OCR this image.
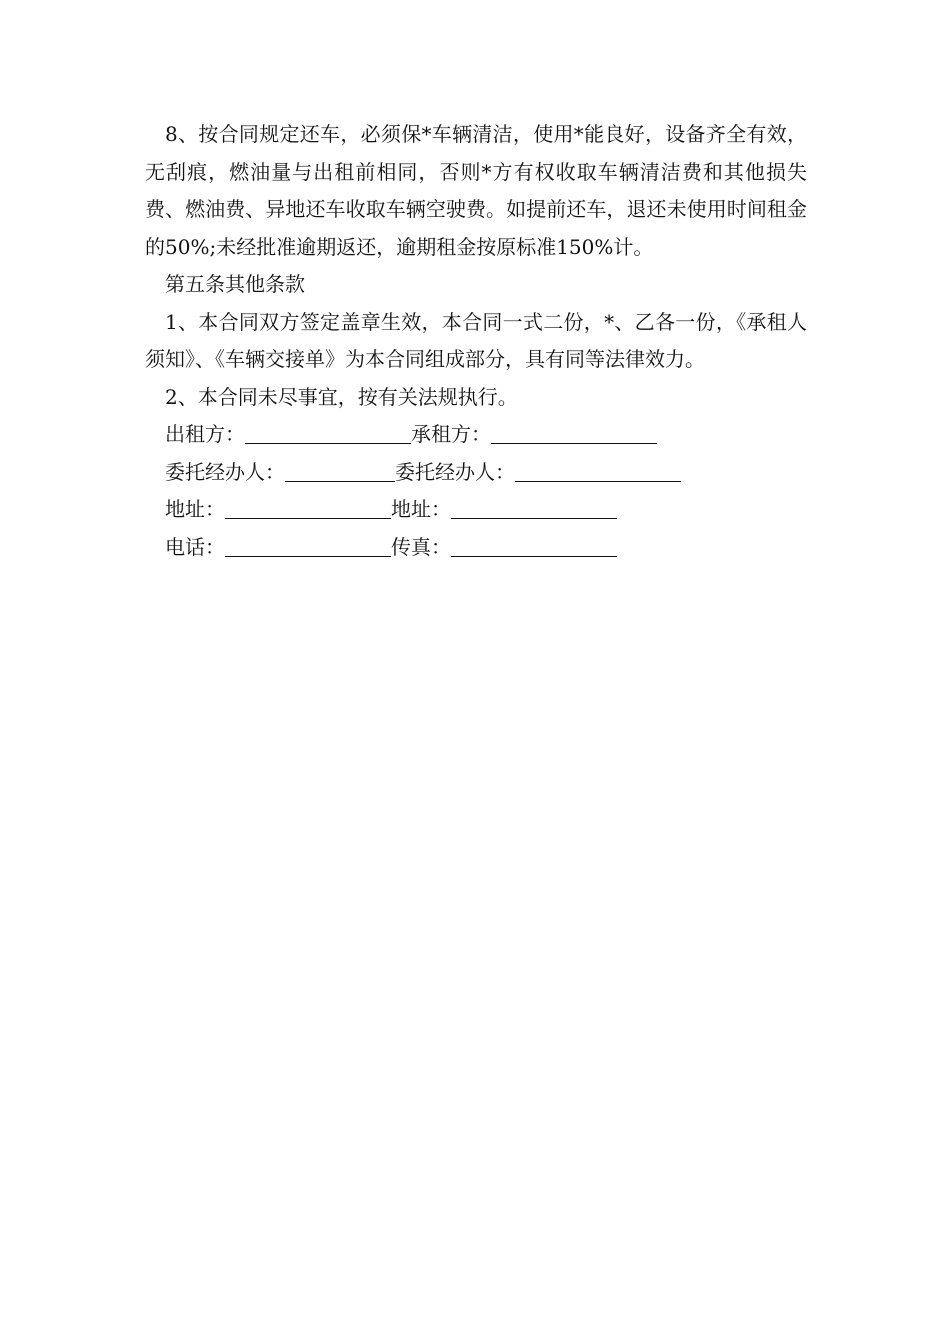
8、按合同规定还车，必须保*车辆清洁，使用*能良好，设备齐全有效，无刮痕，燃油量与出租前相同，否则*方有权收取车辆清洁费和其他损失费、燃油费、异地还车收取车辆空驶费。如提前还车，退还未使用时间租金的50%;未经批准逾期返还，逾期租金按原标准150%计。

第五条其他条款

1、本合同双方签定盖章生效，本合同一式二份，*、乙各一份，《承租人须知》、《车辆交接单》为本合同组成部分，具有同等法律效力。

2、本合同未尽事宜，按有关法规执行。

出租方：	承租方：

委托经办人：	委托经办人：

地址：	地址：

电话：	传真：
